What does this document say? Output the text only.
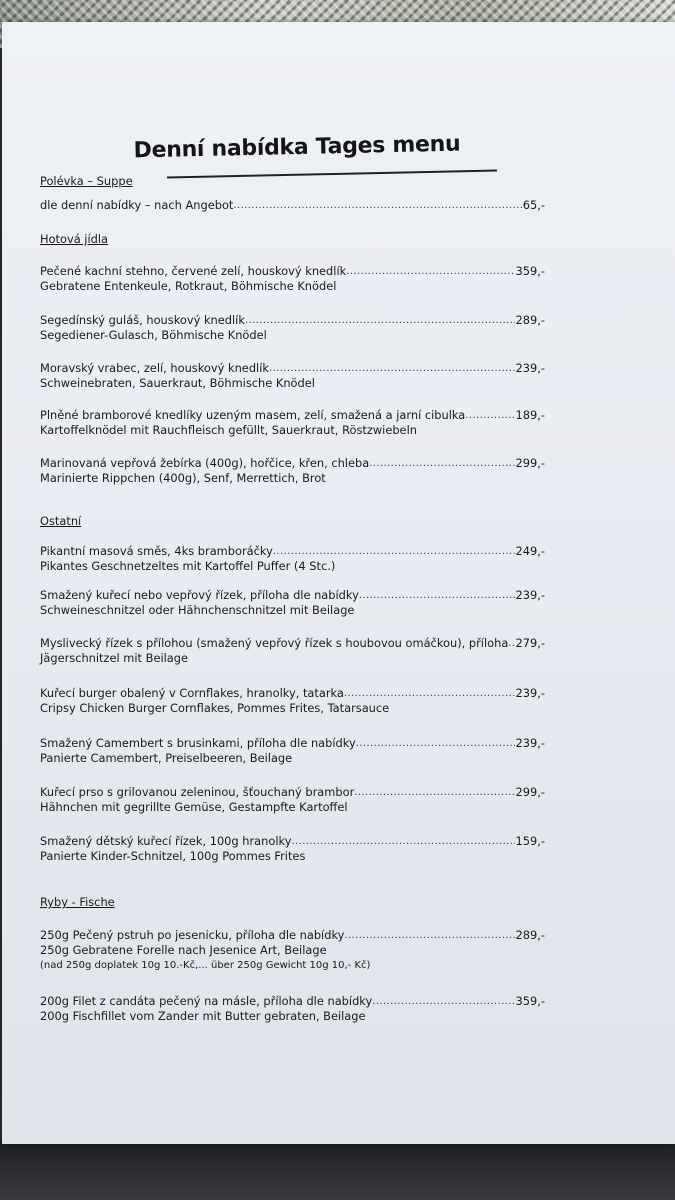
Denní nabídka Tages menu
Polévka – Suppe
dle denní nabídky – nach Angebot .....	65,-
Hotová jídla
Pečené kachní stehno, červené zelí, houskový knedlík .....	359,-
Gebratene Entenkeule, Rotkraut, Böhmische Knödel
Segedínský guláš, houskový knedlík .....	289,-
Segediener-Gulasch, Böhmische Knödel
Moravský vrabec, zelí, houskový knedlík .....	239,-
Schweinebraten, Sauerkraut, Böhmische Knödel
Plněné bramborové knedlíky uzeným masem, zelí, smažená a jarní cibulka .....	189,-
Kartoffelknödel mit Rauchfleisch gefüllt, Sauerkraut, Röstzwiebeln
Marinovaná vepřová žebírka (400g), hořčice, křen, chleba .....	299,-
Marinierte Rippchen (400g), Senf, Merrettich, Brot
Ostatní
Pikantní masová směs, 4ks bramboráčky .....	249,-
Pikantes Geschnetzeltes mit Kartoffel Puffer (4 Stc.)
Smažený kuřecí nebo vepřový řízek, příloha dle nabídky .....	239,-
Schweineschnitzel oder Hähnchenschnitzel mit Beilage
Myslivecký řízek s přílohou (smažený vepřový řízek s houbovou omáčkou), příloha ..... 279,-
Jägerschnitzel mit Beilage
Kuřecí burger obalený v Cornflakes, hranolky, tatarka .....	239,-
Cripsy Chicken Burger Cornflakes, Pommes Frites, Tatarsauce
Smažený Camembert s brusinkami, příloha dle nabídky .....	239,-
Panierte Camembert, Preiselbeeren, Beilage
Kuřecí prso s grilovanou zeleninou, šťouchaný brambor .....	299,-
Hähnchen mit gegrillte Gemüse, Gestampfte Kartoffel
Smažený dětský kuřecí řízek, 100g hranolky .....	159,-
Panierte Kinder-Schnitzel, 100g Pommes Frites
Ryby - Fische
250g Pečený pstruh po jesenicku, příloha dle nabídky .....	289,-
250g Gebratene Forelle nach Jesenice Art, Beilage
(nad 250g doplatek 10g 10.-Kč,... über 250g Gewicht 10g 10,- Kč)
200g Filet z candáta pečený na másle, příloha dle nabídky .....	359,-
200g Fischfillet vom Zander mit Butter gebraten, Beilage
